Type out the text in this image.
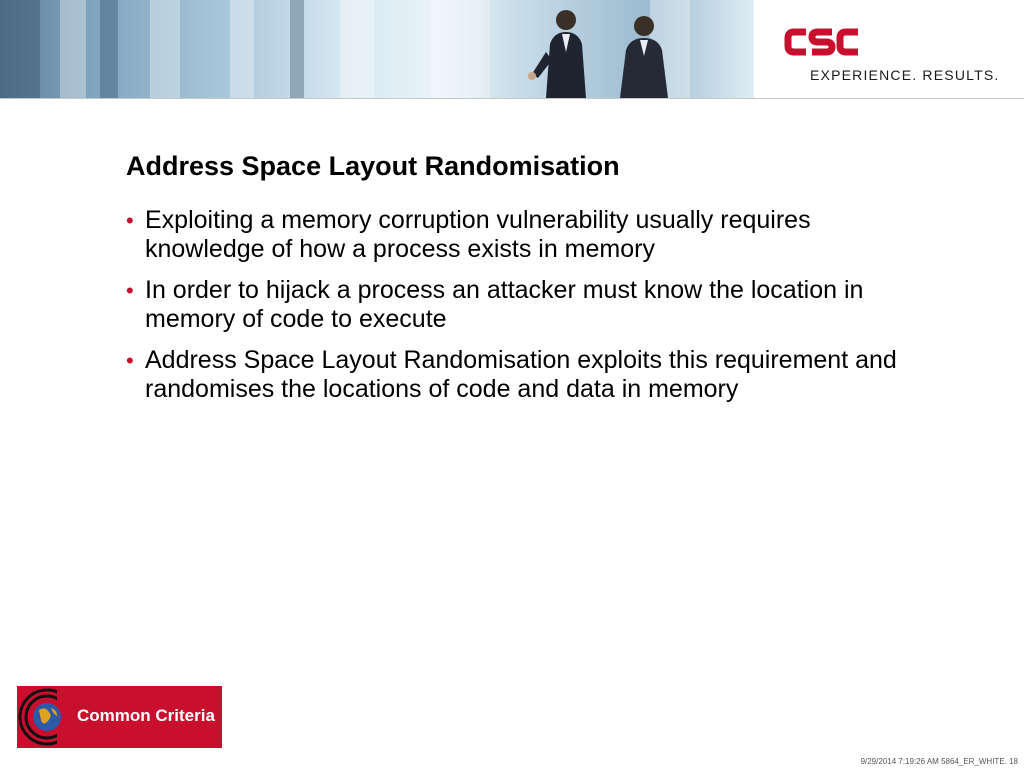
EXPERIENCE. RESULTS.
Address Space Layout Randomisation
• Exploiting a memory corruption vulnerability usually requires knowledge of how a process exists in memory
• In order to hijack a process an attacker must know the location in memory of code to execute
• Address Space Layout Randomisation exploits this requirement and randomises the locations of code and data in memory
Common Criteria
9/29/2014 7:19:26 AM 5864_ER_WHITE. 18
